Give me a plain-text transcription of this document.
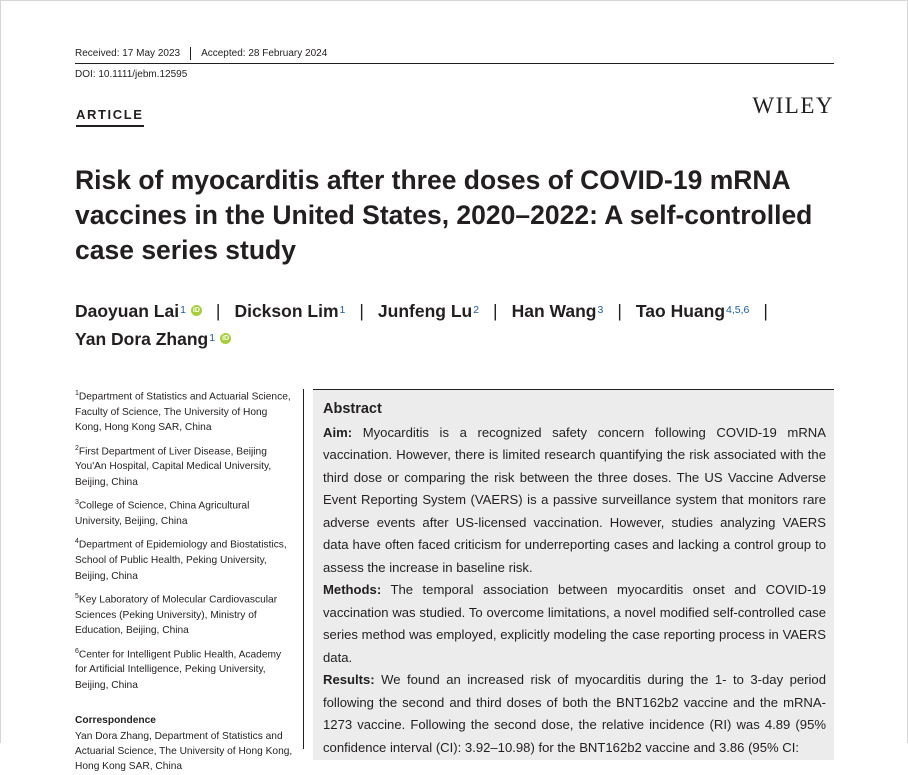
Received: 17 May 2023 Accepted: 28 February 2024
DOI: 10.1111/jebm.12595
ARTICLE	WILEY
Risk of myocarditis after three doses of COVID-19 mRNA vaccines in the United States, 2020–2022: A self-controlled case series study
Daoyuan Lai$^1$ iD | Dickson Lim$^1$ | Junfeng Lu$^2$ | Han Wang$^3$ | Tao Huang$^{4,5,6}$ |

Yan Dora Zhang$^1$ iD

$^1$Department of Statistics and Actuarial Science, Faculty of Science, The University of Hong Kong, Hong Kong SAR, China

$^2$First Department of Liver Disease, Beijing You'An Hospital, Capital Medical University, Beijing, China

$^3$College of Science, China Agricultural University, Beijing, China

$^4$Department of Epidemiology and Biostatistics, School of Public Health, Peking University, Beijing, China

$^5$Key Laboratory of Molecular Cardiovascular Sciences (Peking University), Ministry of Education, Beijing, China

$^6$Center for Intelligent Public Health, Academy for Artificial Intelligence, Peking University, Beijing, China

Correspondence
Yan Dora Zhang, Department of Statistics and Actuarial Science, The University of Hong Kong, Hong Kong SAR, China
Abstract

Aim: Myocarditis is a recognized safety concern following COVID-19 mRNA vaccination. However, there is limited research quantifying the risk associated with the third dose or comparing the risk between the three doses. The US Vaccine Adverse Event Reporting System (VAERS) is a passive surveillance system that monitors rare adverse events after US-licensed vaccination. However, studies analyzing VAERS data have often faced criticism for underreporting cases and lacking a control group to assess the increase in baseline risk.

Methods: The temporal association between myocarditis onset and COVID-19 vaccination was studied. To overcome limitations, a novel modified self-controlled case series method was employed, explicitly modeling the case reporting process in VAERS data.

Results: We found an increased risk of myocarditis during the 1- to 3-day period following the second and third doses of both the BNT162b2 vaccine and the mRNA-1273 vaccine. Following the second dose, the relative incidence (RI) was 4.89 (95% confidence interval (CI): 3.92–10.98) for the BNT162b2 vaccine and 3.86 (95% CI:
